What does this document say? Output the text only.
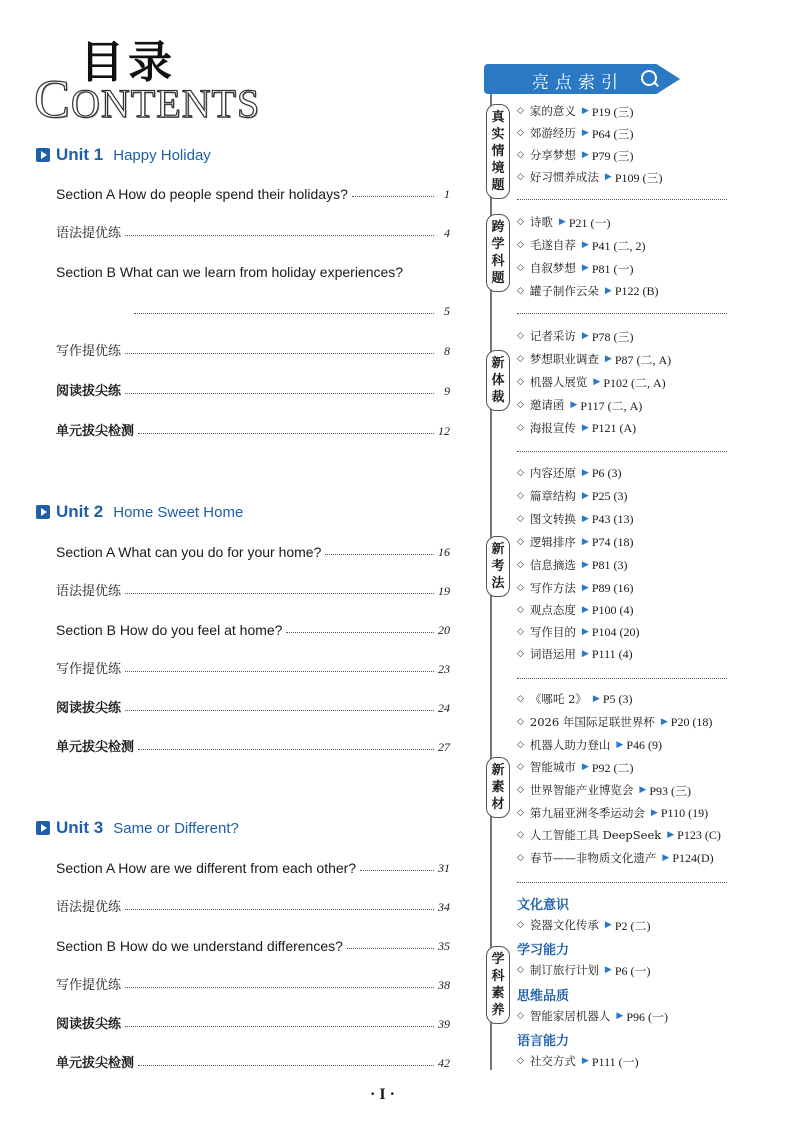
目录
CONTENTS
Unit 1 Happy Holiday
Section A How do people spend their holidays?	1
语法提优练	4
Section B What can we learn from holiday experiences?
5
写作提优练	8
阅读拔尖练	9
单元拔尖检测	12
Unit 2 Home Sweet Home
Section A What can you do for your home?	16
语法提优练	19
Section B How do you feel at home?	20
写作提优练	23
阅读拔尖练	24
单元拔尖检测	27
Unit 3 Same or Different?
Section A How are we different from each other?	31
语法提优练	34
Section B How do we understand differences?	35
写作提优练	38
阅读拔尖练	39
单元拔尖检测	42
亮点索引
真实情境题
◇ 家的意义 ▶ P19 (三)
◇ 郊游经历 ▶ P64 (三)
◇ 分享梦想 ▶ P79 (三)
◇ 好习惯养成法 ▶ P109 (三)
跨学科题
◇ 诗歌 ▶ P21 (一)
◇ 毛遂自荐 ▶ P41 (二, 2)
◇ 自叙梦想 ▶ P81 (一)
◇ 罐子制作云朵 ▶ P122 (B)
新体裁
◇ 记者采访 ▶ P78 (三)
◇ 梦想职业调查 ▶ P87 (二, A)
◇ 机器人展览 ▶ P102 (二, A)
◇ 邀请函 ▶ P117 (二, A)
◇ 海报宣传 ▶ P121 (A)
新考法
◇ 内容还原 ▶ P6 (3)
◇ 篇章结构 ▶ P25 (3)
◇ 图文转换 ▶ P43 (13)
◇ 逻辑排序 ▶ P74 (18)
◇ 信息摘选 ▶ P81 (3)
◇ 写作方法 ▶ P89 (16)
◇ 观点态度 ▶ P100 (4)
◇ 写作目的 ▶ P104 (20)
◇ 词语运用 ▶ P111 (4)
新素材
◇ 《哪吒 2》 ▶ P5 (3)
◇ 2026 年国际足联世界杯 ▶ P20 (18)
◇ 机器人助力登山 ▶ P46 (9)
◇ 智能城市 ▶ P92 (二)
◇ 世界智能产业博览会 ▶ P93 (三)
◇ 第九届亚洲冬季运动会 ▶ P110 (19)
◇ 人工智能工具 DeepSeek ▶ P123 (C)
◇ 春节——非物质文化遗产 ▶ P124(D)
学科素养
文化意识
◇ 瓷器文化传承 ▶ P2 (二)
学习能力
◇ 制订旅行计划 ▶ P6 (一)
思维品质
◇ 智能家居机器人 ▶ P96 (一)
语言能力
◇ 社交方式 ▶ P111 (一)
· I ·
